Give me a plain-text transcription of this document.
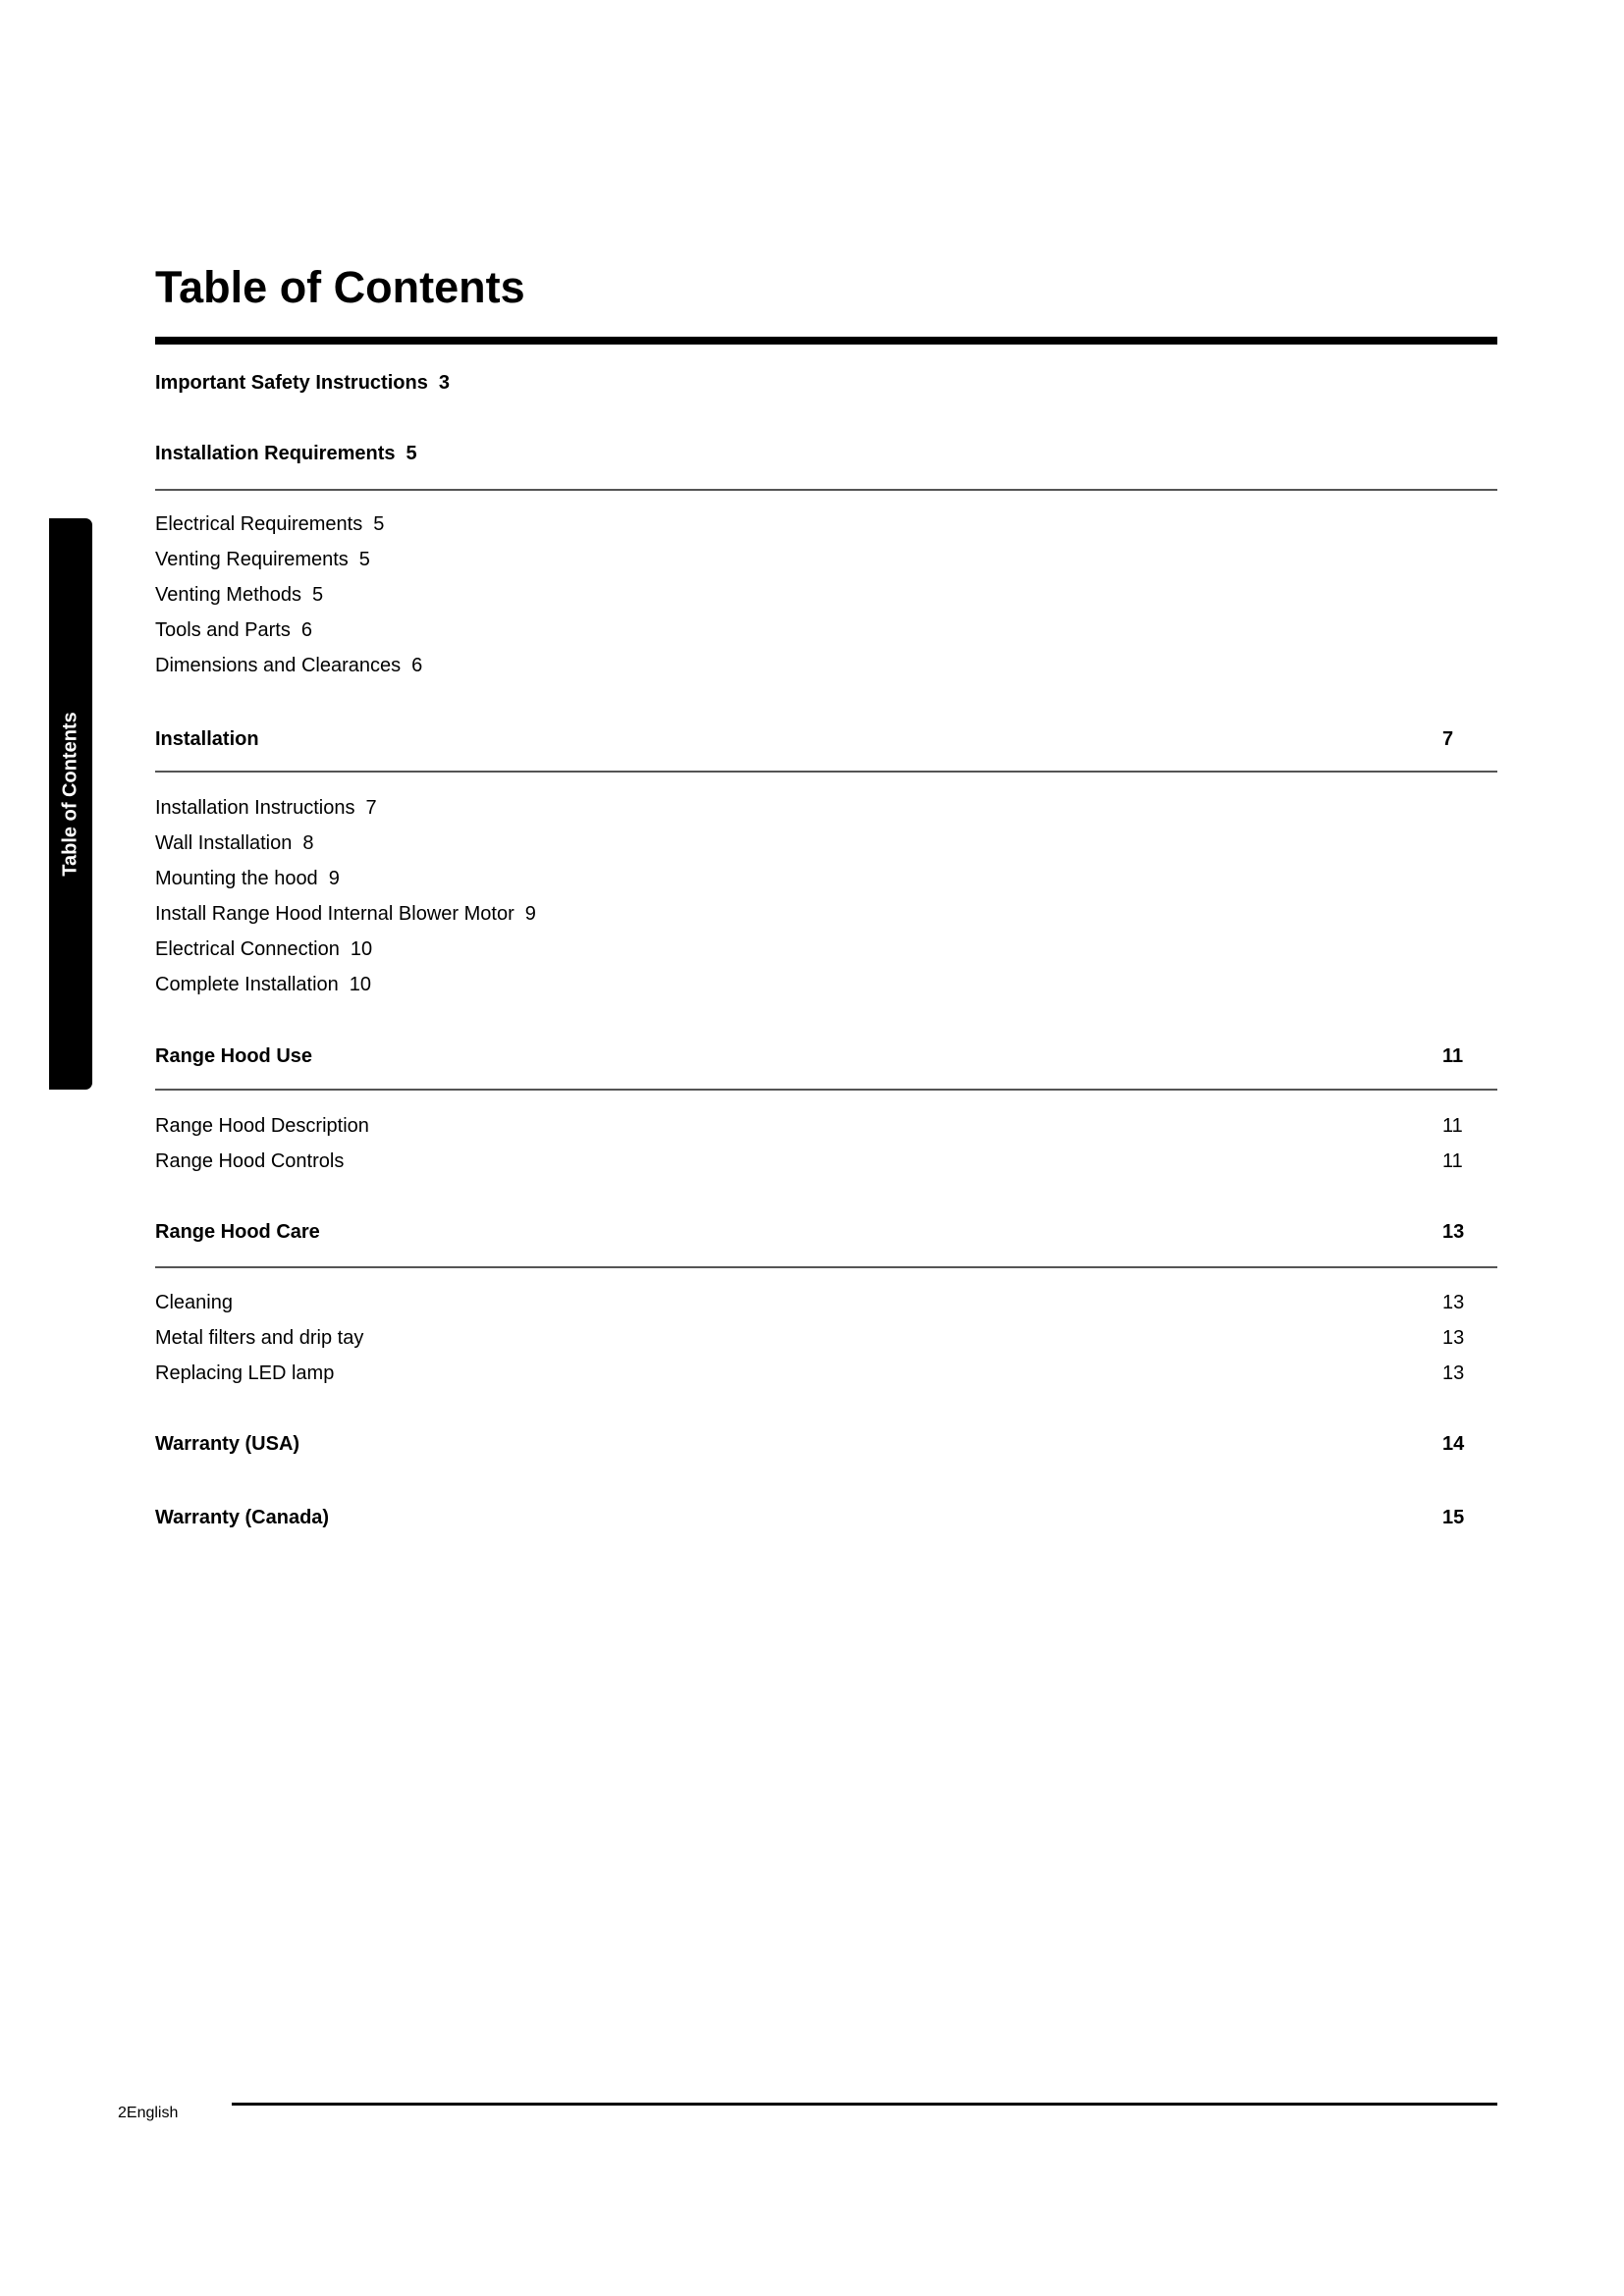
Table of Contents
Table of Contents
Important Safety Instructions 3
Installation Requirements 5
Electrical Requirements 5
Venting Requirements 5
Venting Methods 5
Tools and Parts 6
Dimensions and Clearances 6
Installation	7
Installation Instructions 7
Wall Installation 8
Mounting the hood 9
Install Range Hood Internal Blower Motor 9
Electrical Connection 10
Complete Installation 10
Range Hood Use	11
Range Hood Description	11
Range Hood Controls	11
Range Hood Care	13
Cleaning	13
Metal filters and drip tay	13
Replacing LED lamp	13
Warranty (USA)	14
Warranty (Canada)	15
2English
